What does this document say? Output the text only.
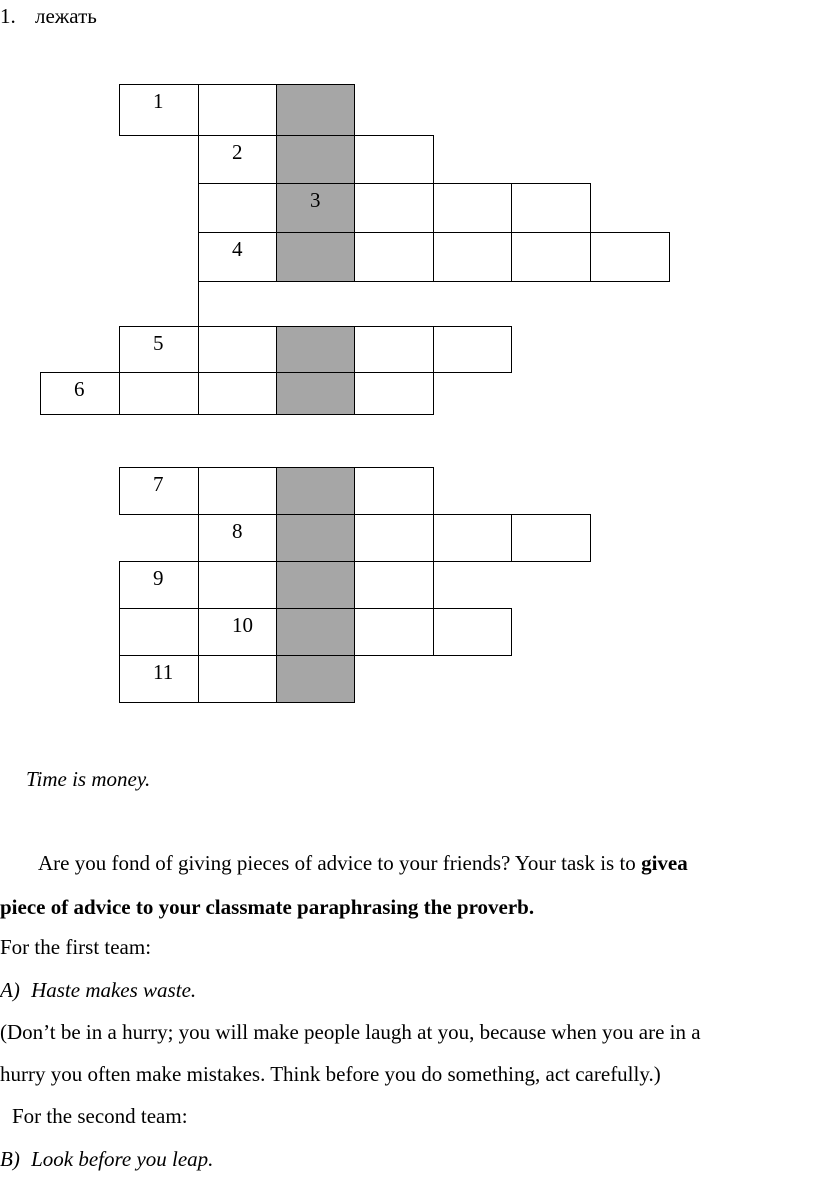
1. лежать
1
2
3
4
5
6
7
8
9
10
11
Time is money.
Are you fond of giving pieces of advice to your friends? Your task is to givea
piece of advice to your classmate paraphrasing the proverb.
For the first team:
A) Haste makes waste.
(Don’t be in a hurry; you will make people laugh at you, because when you are in a
hurry you often make mistakes. Think before you do something, act carefully.)
For the second team:
B) Look before you leap.
